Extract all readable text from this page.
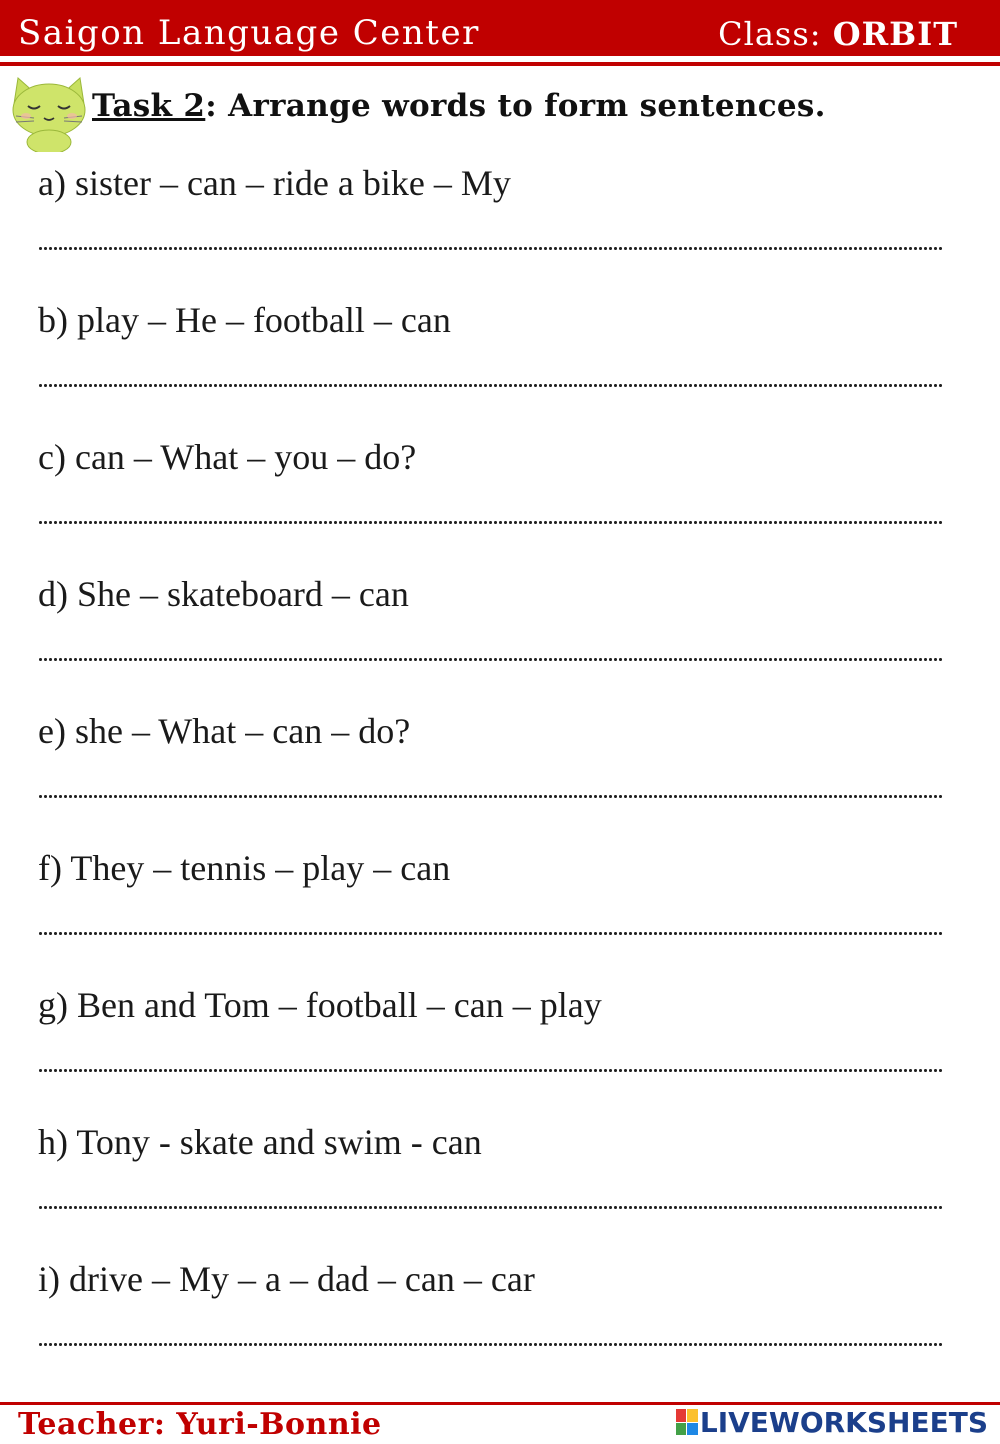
Saigon Language Center	Class: ORBIT
Task 2: Arrange words to form sentences.
a) sister – can – ride a bike – My
b) play – He – football – can
c) can – What – you – do?
d) She – skateboard – can
e) she – What – can – do?
f) They – tennis – play – can
g) Ben and Tom – football – can – play
h) Tony - skate and swim - can
i) drive – My – a – dad – can – car
Teacher: Yuri-Bonnie	LIVEWORKSHEETS
